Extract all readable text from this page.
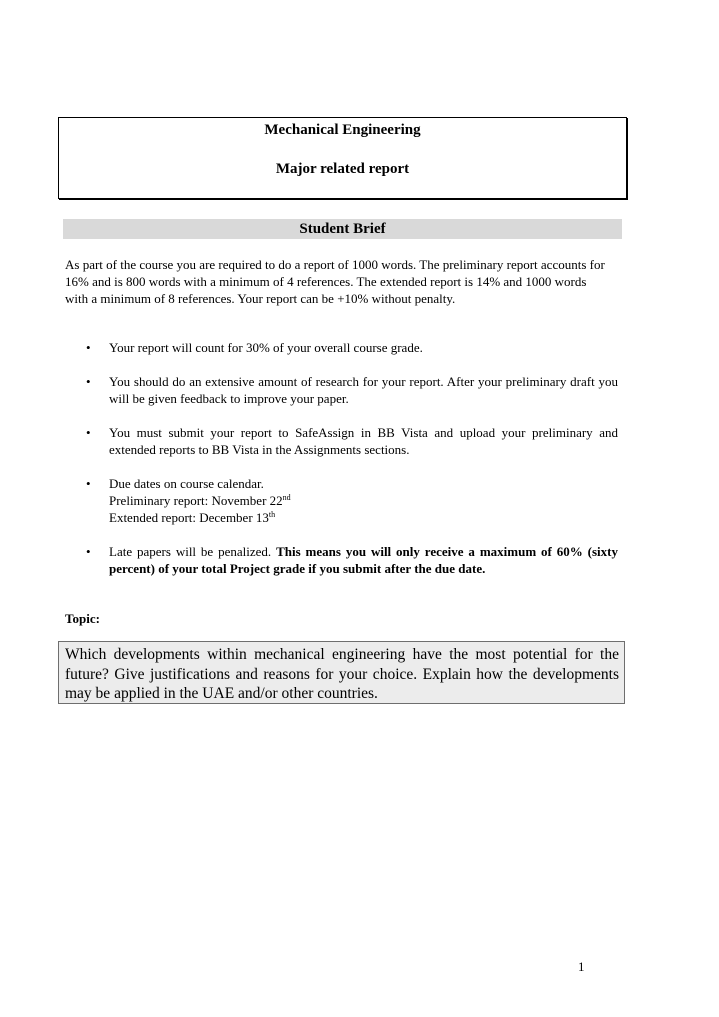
Mechanical Engineering
Major related report
Student Brief

As part of the course you are required to do a report of 1000 words. The preliminary report accounts for 16% and is 800 words with a minimum of 4 references. The extended report is 14% and 1000 words with a minimum of 8 references. Your report can be +10% without penalty.

• Your report will count for 30% of your overall course grade.
• You should do an extensive amount of research for your report. After your preliminary draft you will be given feedback to improve your paper.
• You must submit your report to SafeAssign in BB Vista and upload your preliminary and extended reports to BB Vista in the Assignments sections.
• Due dates on course calendar.
Preliminary report: November 22nd
Extended report: December 13th
• Late papers will be penalized. This means you will only receive a maximum of 60% (sixty percent) of your total Project grade if you submit after the due date.
Topic:
Which developments within mechanical engineering have the most potential for the future? Give justifications and reasons for your choice. Explain how the developments may be applied in the UAE and/or other countries.
1
